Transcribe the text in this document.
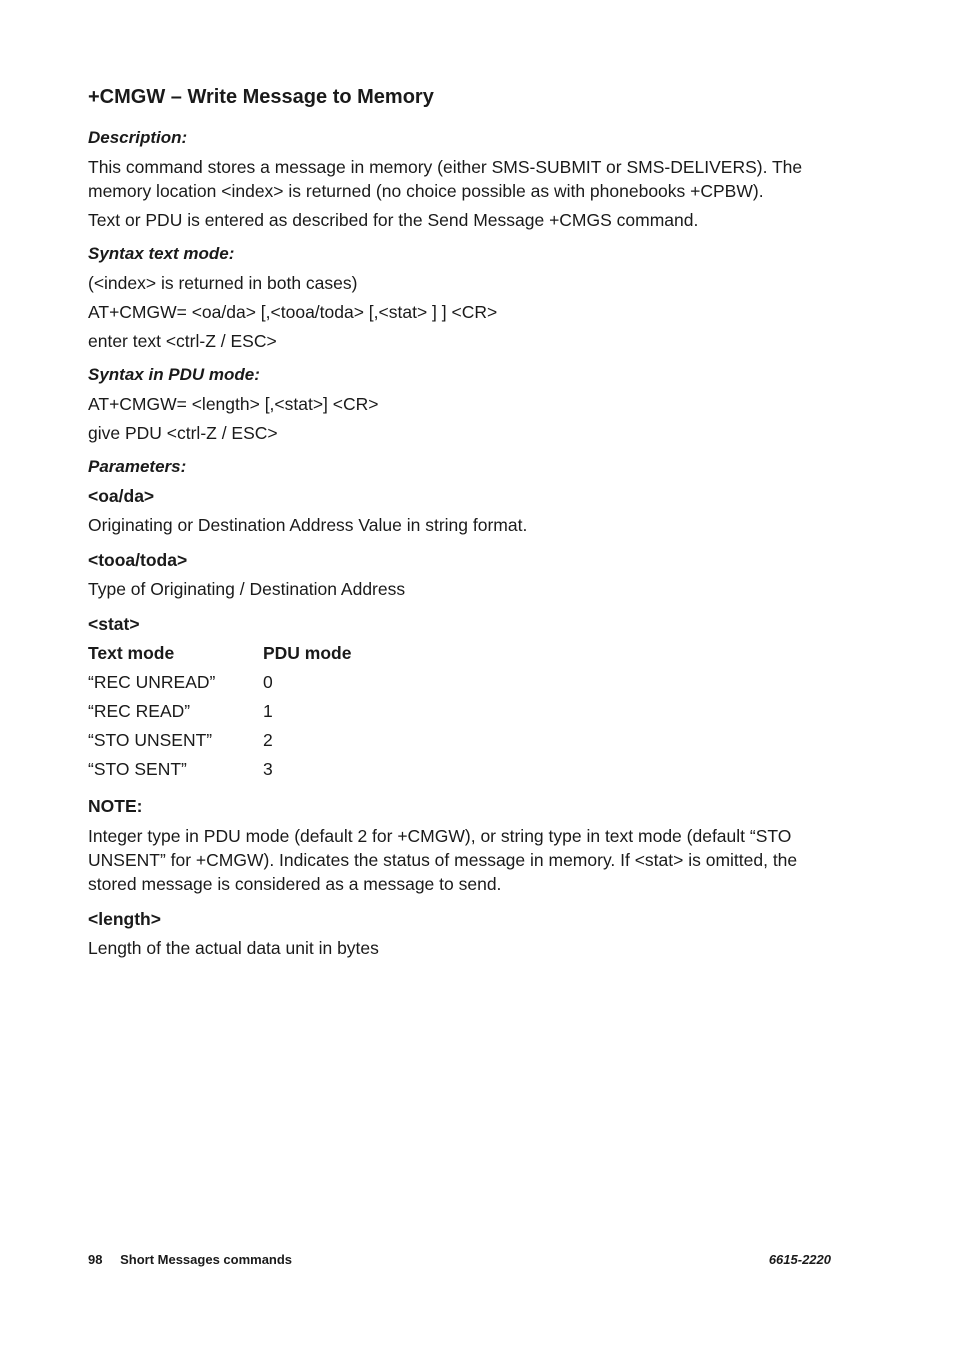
+CMGW – Write Message to Memory
Description:

This command stores a message in memory (either SMS-SUBMIT or SMS-DELIVERS). The memory location <index> is returned (no choice possible as with phonebooks +CPBW).

Text or PDU is entered as described for the Send Message +CMGS command.

Syntax text mode:
(<index> is returned in both cases)
AT+CMGW= <oa/da> [,<tooa/toda> [,<stat> ] ] <CR>
enter text <ctrl-Z / ESC>
Syntax in PDU mode:
AT+CMGW= <length> [,<stat>] <CR>
give PDU <ctrl-Z / ESC>
Parameters:
<oa/da>
Originating or Destination Address Value in string format.
<tooa/toda>
Type of Originating / Destination Address
<stat>
Text mode	PDU mode
“REC UNREAD”	0
“REC READ”	1
“STO UNSENT”	2
“STO SENT”	3
NOTE:

Integer type in PDU mode (default 2 for +CMGW), or string type in text mode (default “STO UNSENT” for +CMGW). Indicates the status of message in memory. If <stat> is omitted, the stored message is considered as a message to send.

<length>
Length of the actual data unit in bytes
98 Short Messages commands	6615-2220
